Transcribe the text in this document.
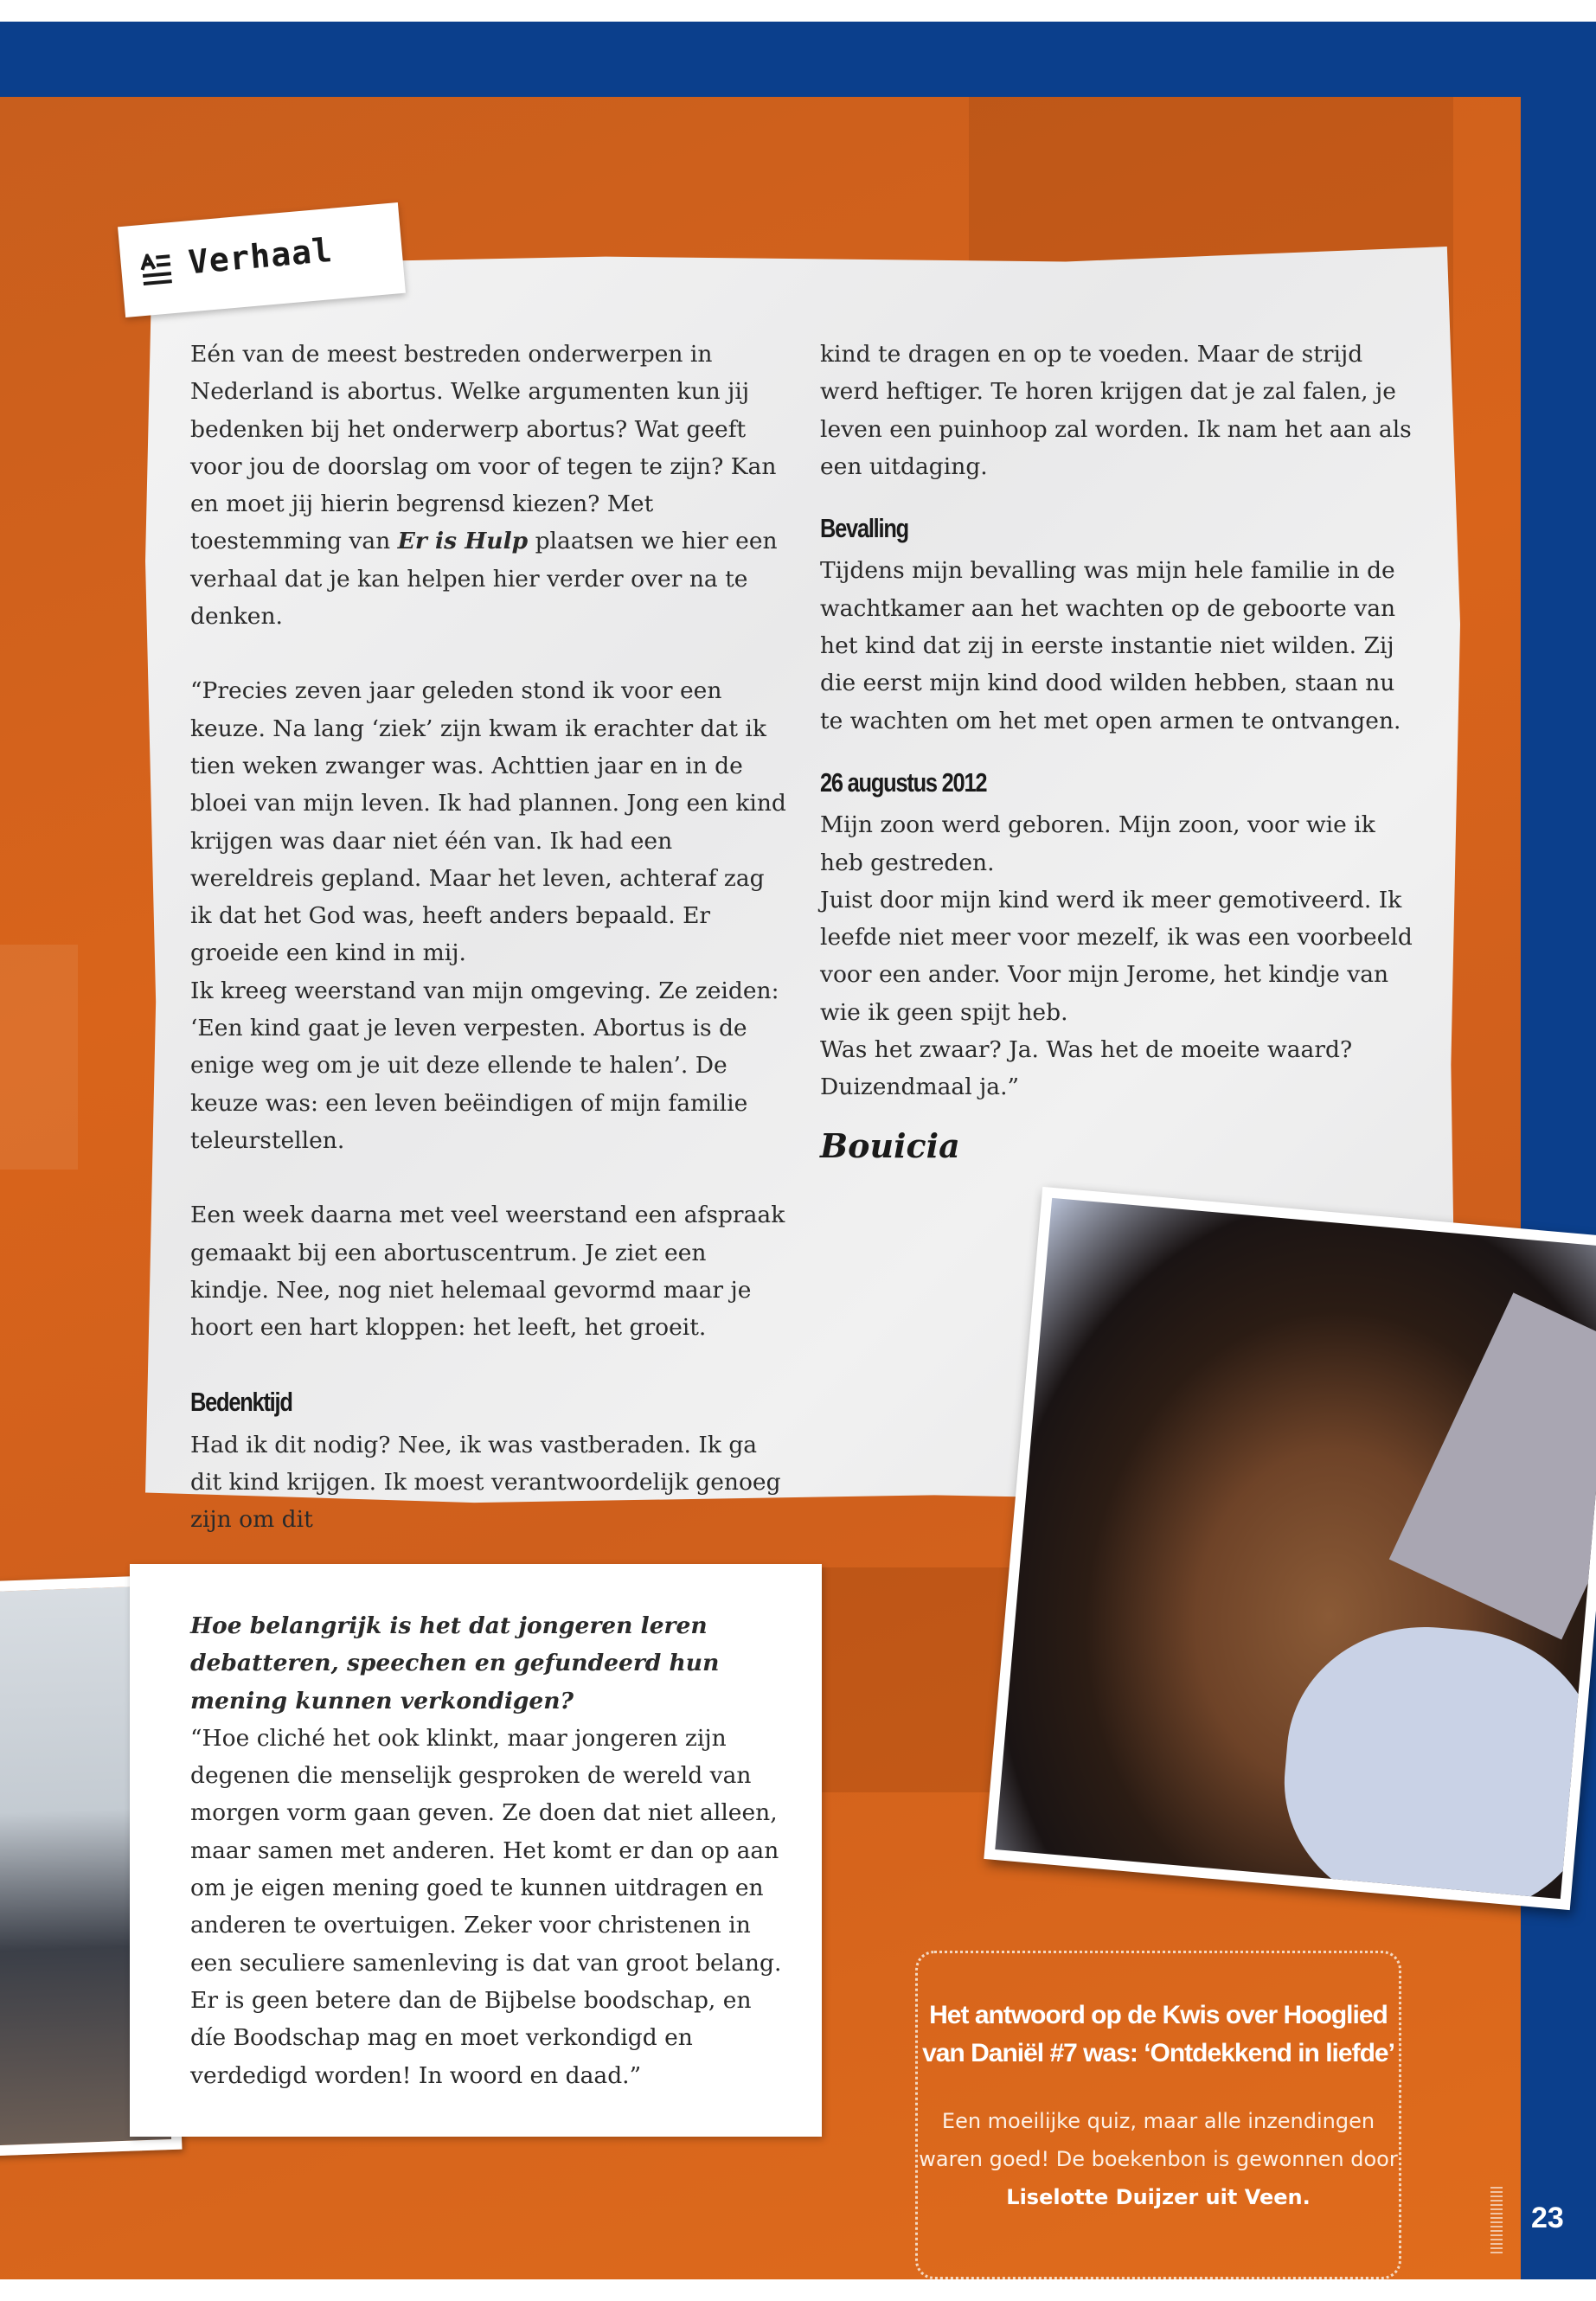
Verhaal

Eén van de meest bestreden onderwerpen in Nederland is abortus. Welke argumenten kun jij bedenken bij het onderwerp abortus? Wat geeft voor jou de doorslag om voor of tegen te zijn? Kan en moet jij hierin begrensd kiezen? Met toestemming van Er is Hulp plaatsen we hier een verhaal dat je kan helpen hier verder over na te denken.

“Precies zeven jaar geleden stond ik voor een keuze. Na lang ‘ziek’ zijn kwam ik erachter dat ik tien weken zwanger was. Achttien jaar en in de bloei van mijn leven. Ik had plannen. Jong een kind krijgen was daar niet één van. Ik had een wereldreis gepland. Maar het leven, achteraf zag ik dat het God was, heeft anders bepaald. Er groeide een kind in mij.

Ik kreeg weerstand van mijn omgeving. Ze zeiden: ‘Een kind gaat je leven verpesten. Abortus is de enige weg om je uit deze ellende te halen’. De keuze was: een leven beëindigen of mijn familie teleurstellen.

Een week daarna met veel weerstand een afspraak gemaakt bij een abortuscentrum. Je ziet een kindje. Nee, nog niet helemaal gevormd maar je hoort een hart kloppen: het leeft, het groeit.

Bedenktijd

Had ik dit nodig? Nee, ik was vastberaden. Ik ga dit kind krijgen. Ik moest verantwoordelijk genoeg zijn om dit

kind te dragen en op te voeden. Maar de strijd werd heftiger. Te horen krijgen dat je zal falen, je leven een puinhoop zal worden. Ik nam het aan als een uitdaging.

Bevalling

Tijdens mijn bevalling was mijn hele familie in de wachtkamer aan het wachten op de geboorte van het kind dat zij in eerste instantie niet wilden. Zij die eerst mijn kind dood wilden hebben, staan nu te wachten om het met open armen te ontvangen.

26 augustus 2012

Mijn zoon werd geboren. Mijn zoon, voor wie ik heb gestreden.

Juist door mijn kind werd ik meer gemotiveerd. Ik leefde niet meer voor mezelf, ik was een voorbeeld voor een ander. Voor mijn Jerome, het kindje van wie ik geen spijt heb.

Was het zwaar? Ja. Was het de moeite waard? Duizendmaal ja.”

Bouicia

Hoe belangrijk is het dat jongeren leren debatteren, speechen en gefundeerd hun mening kunnen verkondigen?

“Hoe cliché het ook klinkt, maar jongeren zijn degenen die menselijk gesproken de wereld van morgen vorm gaan geven. Ze doen dat niet alleen, maar samen met anderen. Het komt er dan op aan om je eigen mening goed te kunnen uitdragen en anderen te overtuigen. Zeker voor christenen in een seculiere samenleving is dat van groot belang. Er is geen betere dan de Bijbelse boodschap, en díe Boodschap mag en moet verkondigd en verdedigd worden! In woord en daad.”

Het antwoord op de Kwis over Hooglied van Daniël #7 was: ‘Ontdekkend in liefde’
Een moeilijke quiz, maar alle inzendingen waren goed! De boekenbon is gewonnen door Liselotte Duijzer uit Veen.
23
